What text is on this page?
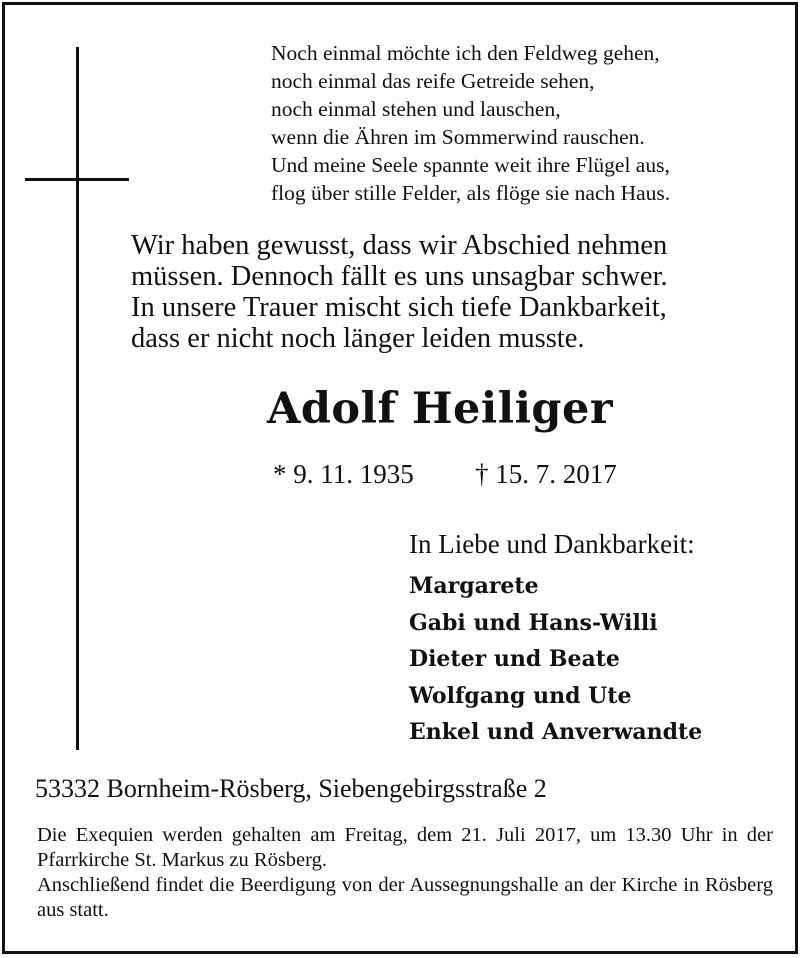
Noch einmal möchte ich den Feldweg gehen,
noch einmal das reife Getreide sehen,
noch einmal stehen und lauschen,
wenn die Ähren im Sommerwind rauschen.
Und meine Seele spannte weit ihre Flügel aus,
flog über stille Felder, als flöge sie nach Haus.
Wir haben gewusst, dass wir Abschied nehmen
müssen. Dennoch fällt es uns unsagbar schwer.
In unsere Trauer mischt sich tiefe Dankbarkeit,
dass er nicht noch länger leiden musste.
Adolf Heiliger
* 9. 11. 1935 † 15. 7. 2017
In Liebe und Dankbarkeit:
Margarete
Gabi und Hans-Willi
Dieter und Beate
Wolfgang und Ute
Enkel und Anverwandte
53332 Bornheim-Rösberg, Siebengebirgsstraße 2
Die Exequien werden gehalten am Freitag, dem 21. Juli 2017, um 13.30 Uhr in der Pfarrkirche St. Markus zu Rösberg.
Anschließend findet die Beerdigung von der Aussegnungshalle an der Kirche in Rösberg aus statt.
